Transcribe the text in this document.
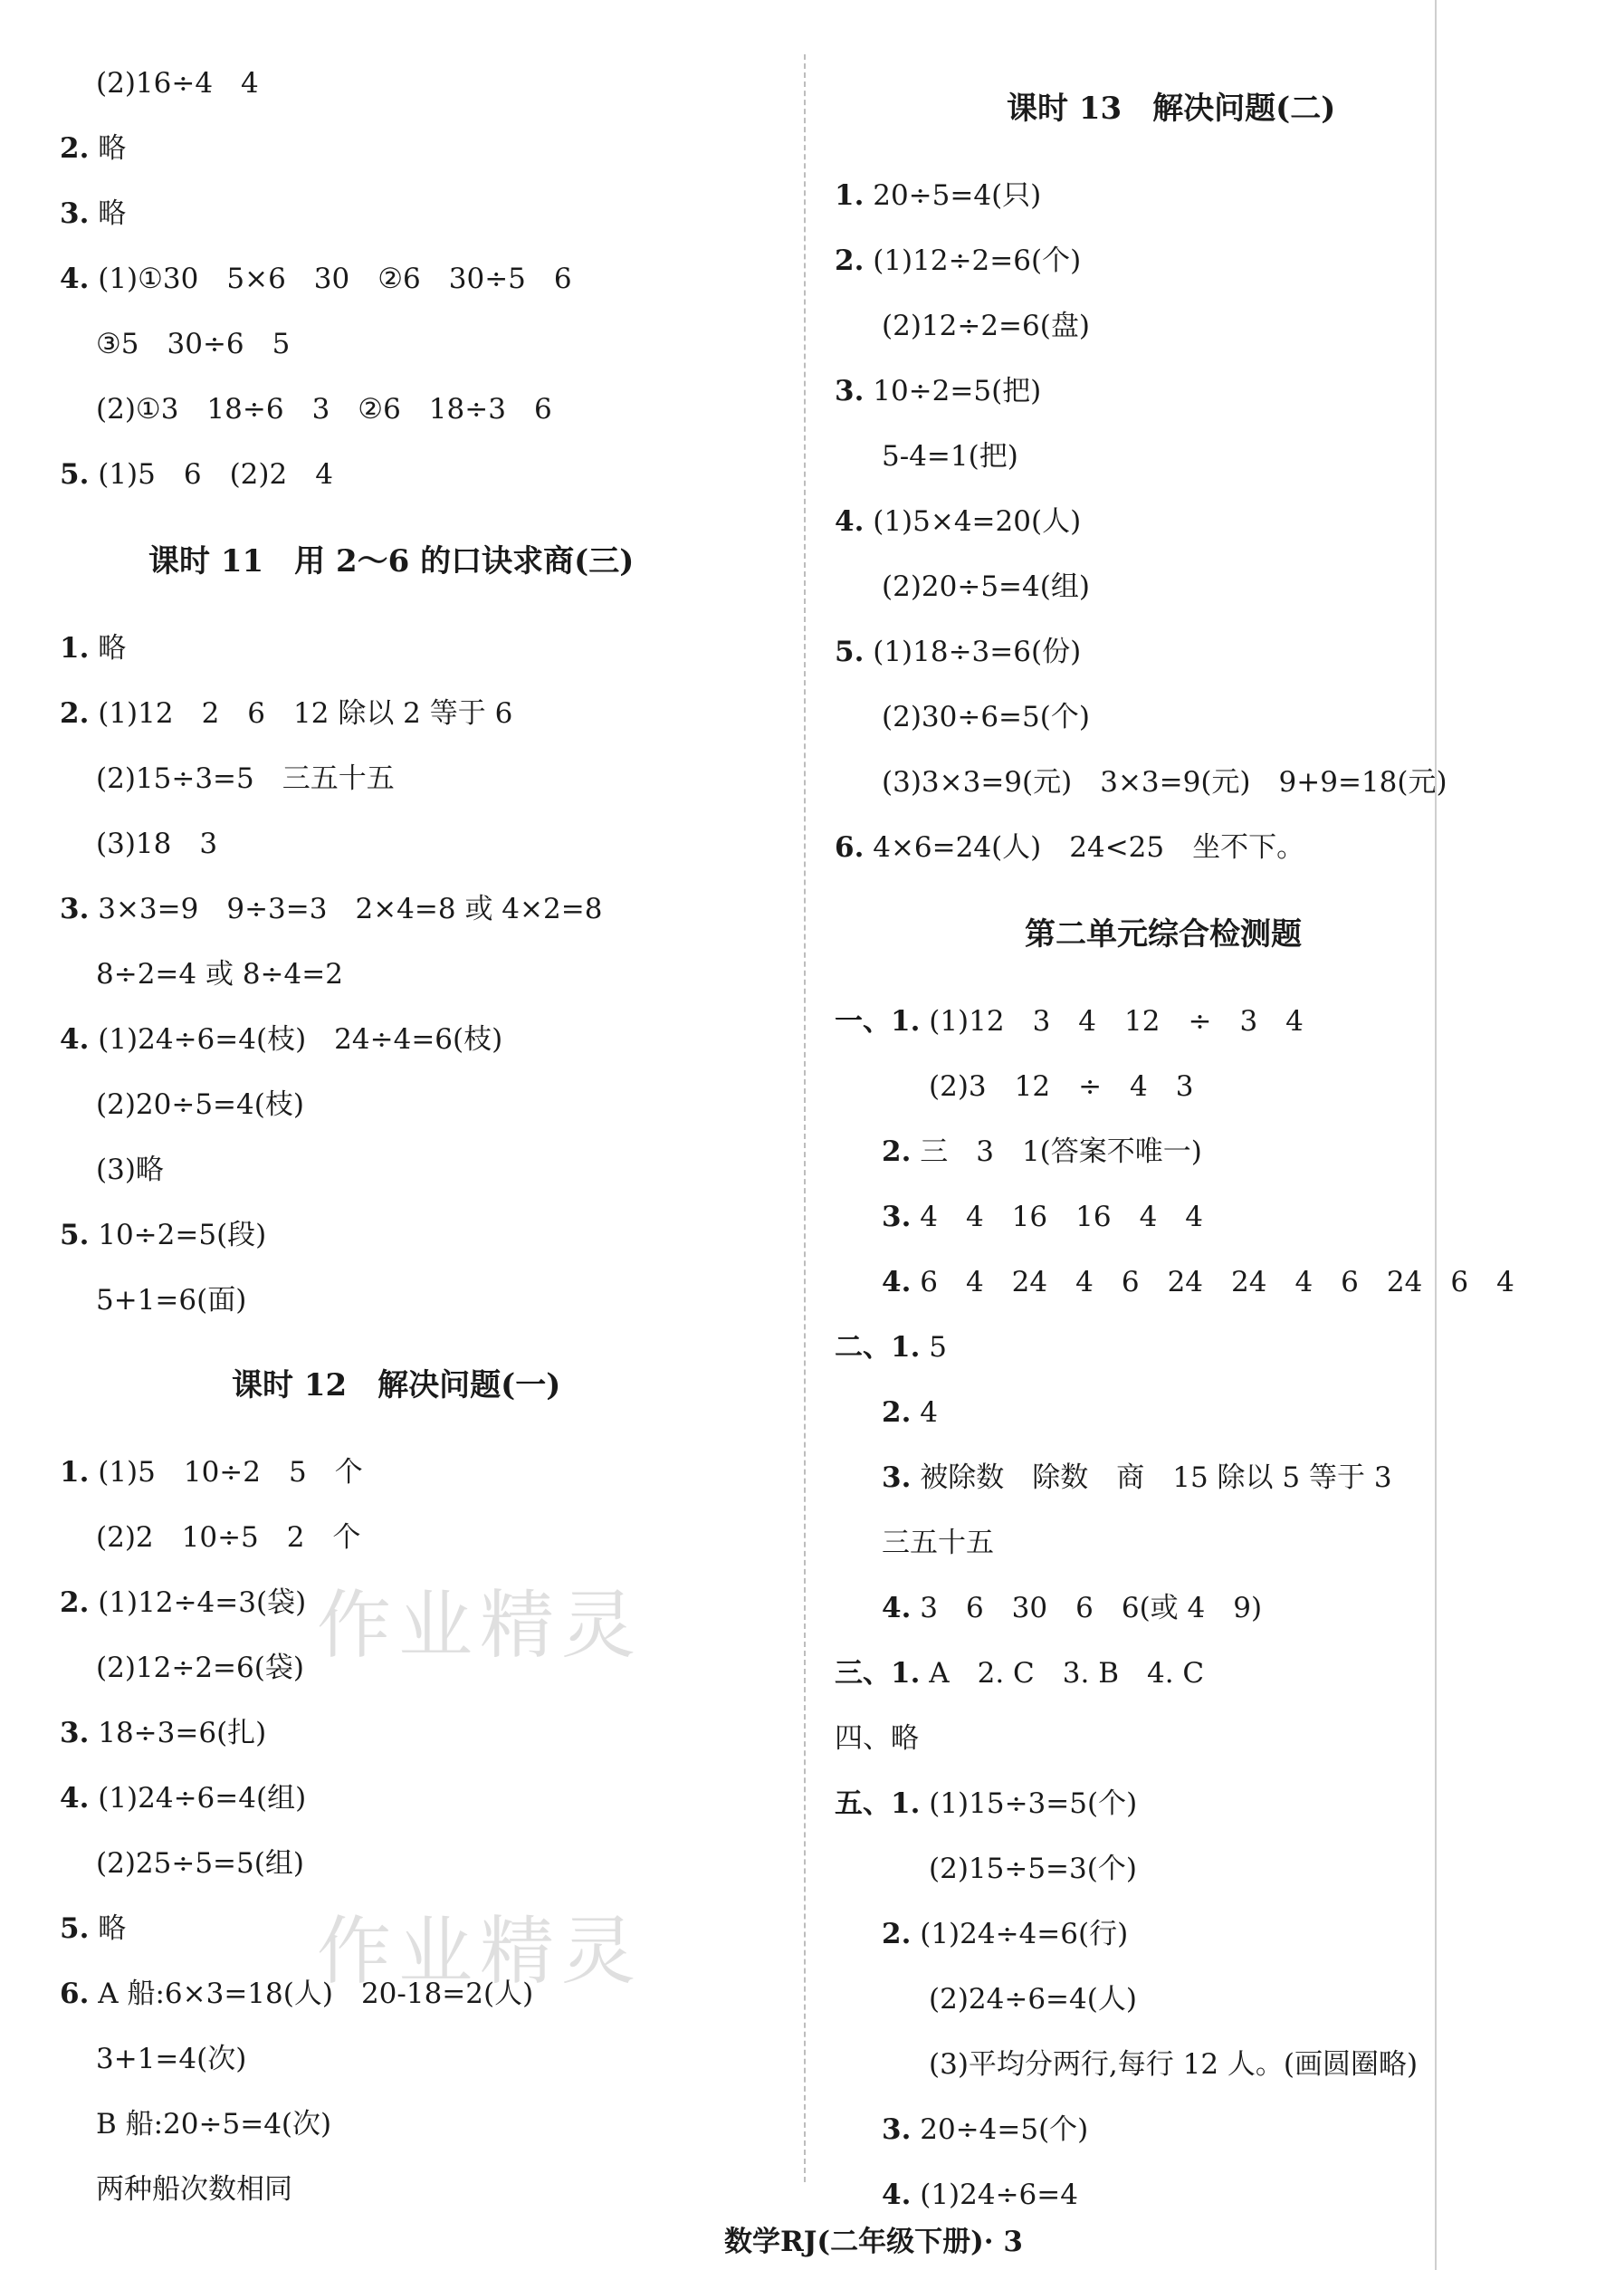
(2)16÷4　4
2. 略
3. 略
4. (1)①30　5×6　30　②6　30÷5　6
③5　30÷6　5
(2)①3　18÷6　3　②6　18÷3　6
5. (1)5　6　(2)2　4
课时 11　用 2～6 的口诀求商(三)
1. 略
2. (1)12　2　6　12 除以 2 等于 6
(2)15÷3=5　三五十五
(3)18　3
3. 3×3=9　9÷3=3　2×4=8 或 4×2=8
8÷2=4 或 8÷4=2
4. (1)24÷6=4(枝)　24÷4=6(枝)
(2)20÷5=4(枝)
(3)略
5. 10÷2=5(段)
5+1=6(面)
课时 12　解决问题(一)
1. (1)5　10÷2　5　个
(2)2　10÷5　2　个
2. (1)12÷4=3(袋)
(2)12÷2=6(袋)
3. 18÷3=6(扎)
4. (1)24÷6=4(组)
(2)25÷5=5(组)
5. 略
6. A 船:6×3=18(人)　20-18=2(人)
3+1=4(次)
B 船:20÷5=4(次)
两种船次数相同
课时 13　解决问题(二)
1. 20÷5=4(只)
2. (1)12÷2=6(个)
(2)12÷2=6(盘)
3. 10÷2=5(把)
5-4=1(把)
4. (1)5×4=20(人)
(2)20÷5=4(组)
5. (1)18÷3=6(份)
(2)30÷6=5(个)
(3)3×3=9(元)　3×3=9(元)　9+9=18(元)
6. 4×6=24(人)　24<25　坐不下。
第二单元综合检测题
一、1. (1)12　3　4　12　÷　3　4
(2)3　12　÷　4　3
2. 三　3　1(答案不唯一)
3. 4　4　16　16　4　4
4. 6　4　24　4　6　24　24　4　6　24　6　4
二、1. 5
2. 4
3. 被除数　除数　商　15 除以 5 等于 3
三五十五
4. 3　6　30　6　6(或 4　9)
三、1. A　2. C　3. B　4. C
四、略
五、1. (1)15÷3=5(个)
(2)15÷5=3(个)
2. (1)24÷4=6(行)
(2)24÷6=4(人)
(3)平均分两行,每行 12 人。(画圆圈略)
3. 20÷4=5(个)
4. (1)24÷6=4
作业精灵
作业精灵
数学RJ(二年级下册)· 3
